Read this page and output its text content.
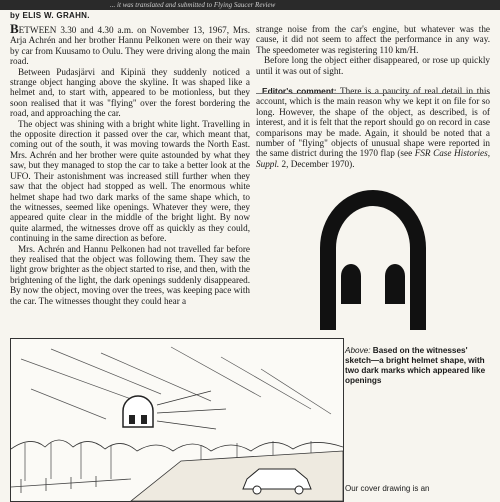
... it was translated and submitted to Flying Saucer Review
by ELIS W. GRAHN.

BETWEEN 3.30 and 4.30 a.m. on November 13, 1967, Mrs. Arja Achrén and her brother Hannu Pelkonen were on their way by car from Kuusamo to Oulu. They were driving along the main road.

Between Pudasjärvi and Kipinä they suddenly noticed a strange object hanging above the skyline. It was shaped like a helmet and, to start with, appeared to be motionless, but they soon realised that it was "flying" over the forest bordering the road, and approaching the car.

The object was shining with a bright white light. Travelling in the opposite direction it passed over the car, which meant that, coming out of the south, it was moving towards the North East. Mrs. Achrén and her brother were quite astounded by what they saw, but they managed to stop the car to take a better look at the UFO. Their astonishment was increased still further when they saw that the object had stopped as well. The enormous white helmet shape had two dark marks of the same shape which, to the witnesses, seemed like openings. Whatever they were, they appeared quite clear in the middle of the bright light. By now quite alarmed, the witnesses drove off as quickly as they could, continuing in the same direction as before.

Mrs. Achrén and Hannu Pelkonen had not travelled far before they realised that the object was following them. They saw the light grow brighter as the object started to rise, and then, with the brightening of the light, the dark openings suddenly disappeared. By now the object, moving over the trees, was keeping pace with the car. The witnesses thought they could hear a

strange noise from the car's engine, but whatever was the cause, it did not seem to affect the performance in any way. The speedometer was registering 110 km/H.

Before long the object either disappeared, or rose up quickly until it was out of sight.

Editor's comment: There is a paucity of real detail in this account, which is the main reason why we kept it on file for so long. However, the shape of the object, as described, is of interest, and it is felt that the report should go on record in case comparisons may be made. Again, it should be noted that a number of "flying" objects of unusual shape were reported in the same district during the 1970 flap (see FSR Case Histories, Suppl. 2, December 1970).

Above: Based on the witnesses' sketch—a bright helmet shape, with two dark marks which appeared like openings
Our cover drawing is an
